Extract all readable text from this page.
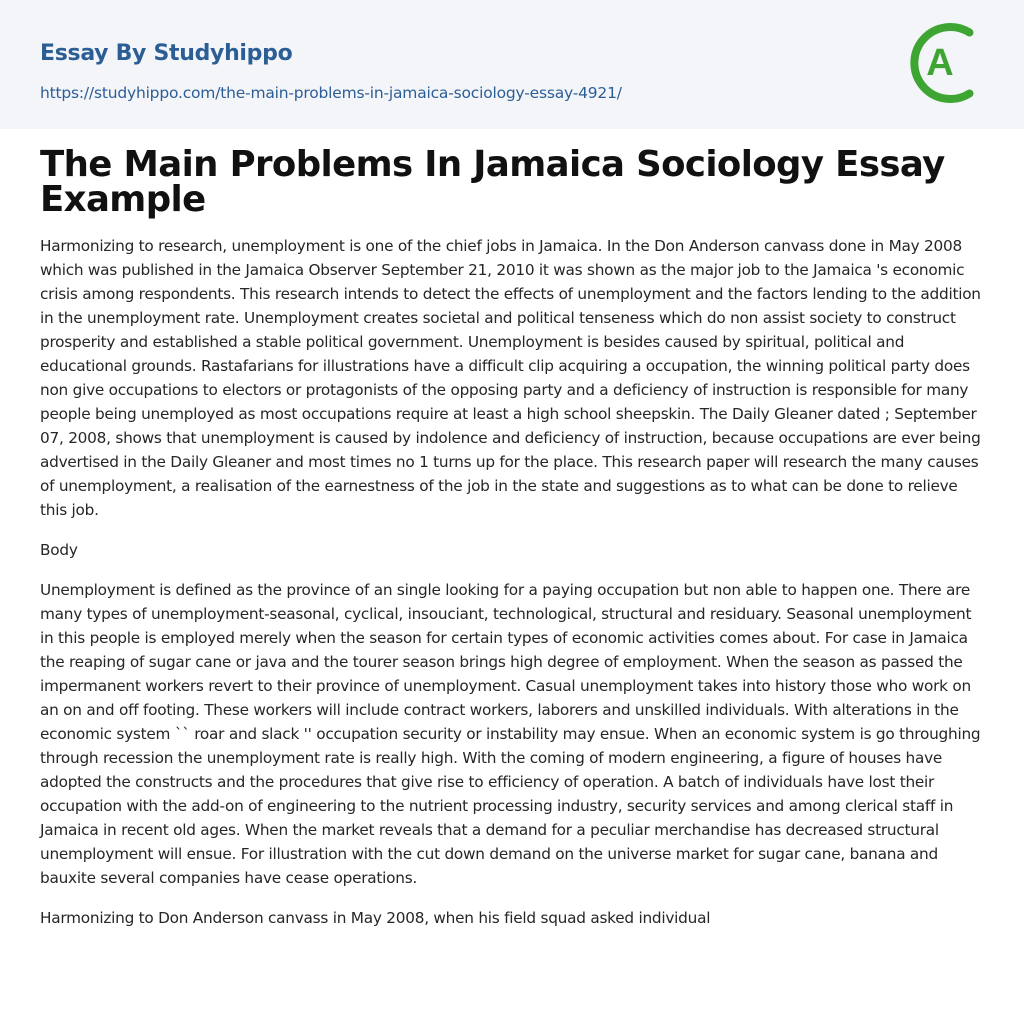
Essay By Studyhippo
https://studyhippo.com/the-main-problems-in-jamaica-sociology-essay-4921/
A
The Main Problems In Jamaica Sociology Essay Example

Harmonizing to research, unemployment is one of the chief jobs in Jamaica. In the Don Anderson canvass done in May 2008 which was published in the Jamaica Observer September 21, 2010 it was shown as the major job to the Jamaica 's economic crisis among respondents. This research intends to detect the effects of unemployment and the factors lending to the addition in the unemployment rate. Unemployment creates societal and political tenseness which do non assist society to construct prosperity and established a stable political government. Unemployment is besides caused by spiritual, political and educational grounds. Rastafarians for illustrations have a difficult clip acquiring a occupation, the winning political party does non give occupations to electors or protagonists of the opposing party and a deficiency of instruction is responsible for many people being unemployed as most occupations require at least a high school sheepskin. The Daily Gleaner dated ; September 07, 2008, shows that unemployment is caused by indolence and deficiency of instruction, because occupations are ever being advertised in the Daily Gleaner and most times no 1 turns up for the place. This research paper will research the many causes of unemployment, a realisation of the earnestness of the job in the state and suggestions as to what can be done to relieve this job.

Body

Unemployment is defined as the province of an single looking for a paying occupation but non able to happen one. There are many types of unemployment-seasonal, cyclical, insouciant, technological, structural and residuary. Seasonal unemployment in this people is employed merely when the season for certain types of economic activities comes about. For case in Jamaica the reaping of sugar cane or java and the tourer season brings high degree of employment. When the season as passed the impermanent workers revert to their province of unemployment. Casual unemployment takes into history those who work on an on and off footing. These workers will include contract workers, laborers and unskilled individuals. With alterations in the economic system `` roar and slack '' occupation security or instability may ensue. When an economic system is go throughing through recession the unemployment rate is really high. With the coming of modern engineering, a figure of houses have adopted the constructs and the procedures that give rise to efficiency of operation. A batch of individuals have lost their occupation with the add-on of engineering to the nutrient processing industry, security services and among clerical staff in Jamaica in recent old ages. When the market reveals that a demand for a peculiar merchandise has decreased structural unemployment will ensue. For illustration with the cut down demand on the universe market for sugar cane, banana and bauxite several companies have cease operations.

Harmonizing to Don Anderson canvass in May 2008, when his field squad asked individual
